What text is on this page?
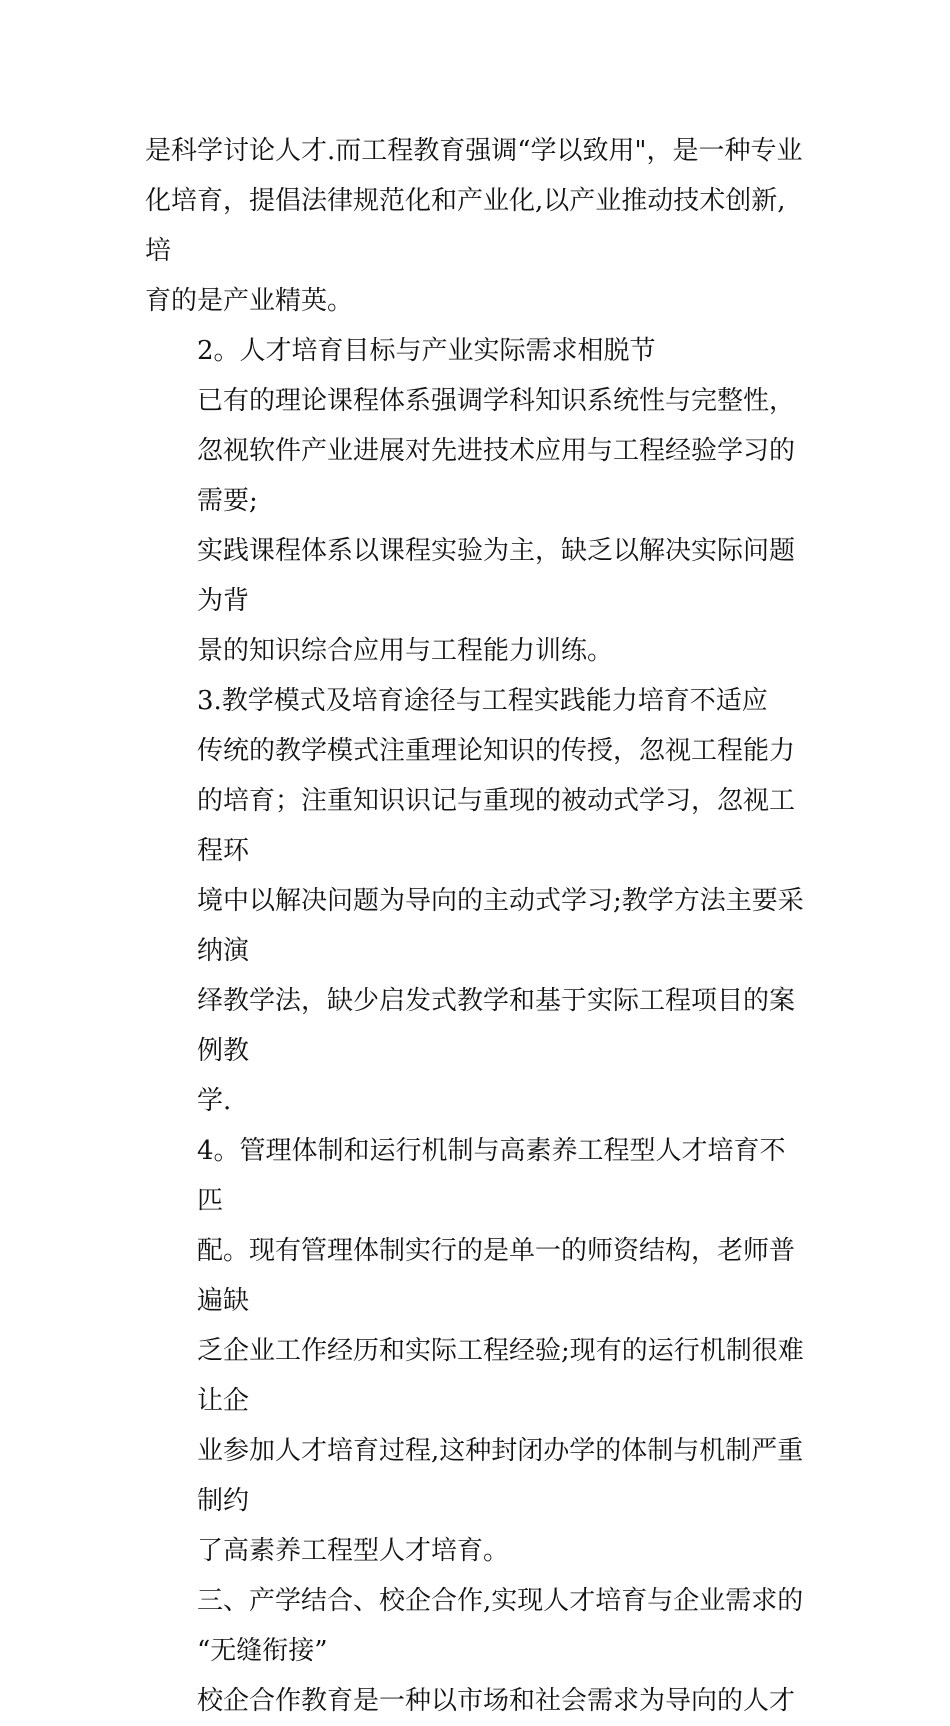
是科学讨论人才.而工程教育强调“学以致用"，是一种专业
化培育，提倡法律规范化和产业化,以产业推动技术创新,培
育的是产业精英。

2。人才培育目标与产业实际需求相脱节

已有的理论课程体系强调学科知识系统性与完整性，
忽视软件产业进展对先进技术应用与工程经验学习的需要;
实践课程体系以课程实验为主，缺乏以解决实际问题为背
景的知识综合应用与工程能力训练。

3.教学模式及培育途径与工程实践能力培育不适应

传统的教学模式注重理论知识的传授，忽视工程能力
的培育；注重知识识记与重现的被动式学习，忽视工程环
境中以解决问题为导向的主动式学习;教学方法主要采纳演
绎教学法，缺少启发式教学和基于实际工程项目的案例教
学.

4。管理体制和运行机制与高素养工程型人才培育不匹
配。现有管理体制实行的是单一的师资结构，老师普遍缺
乏企业工作经历和实际工程经验;现有的运行机制很难让企
业参加人才培育过程,这种封闭办学的体制与机制严重制约
了高素养工程型人才培育。

三、产学结合、校企合作,实现人才培育与企业需求的
“无缝衔接”

校企合作教育是一种以市场和社会需求为导向的人才
